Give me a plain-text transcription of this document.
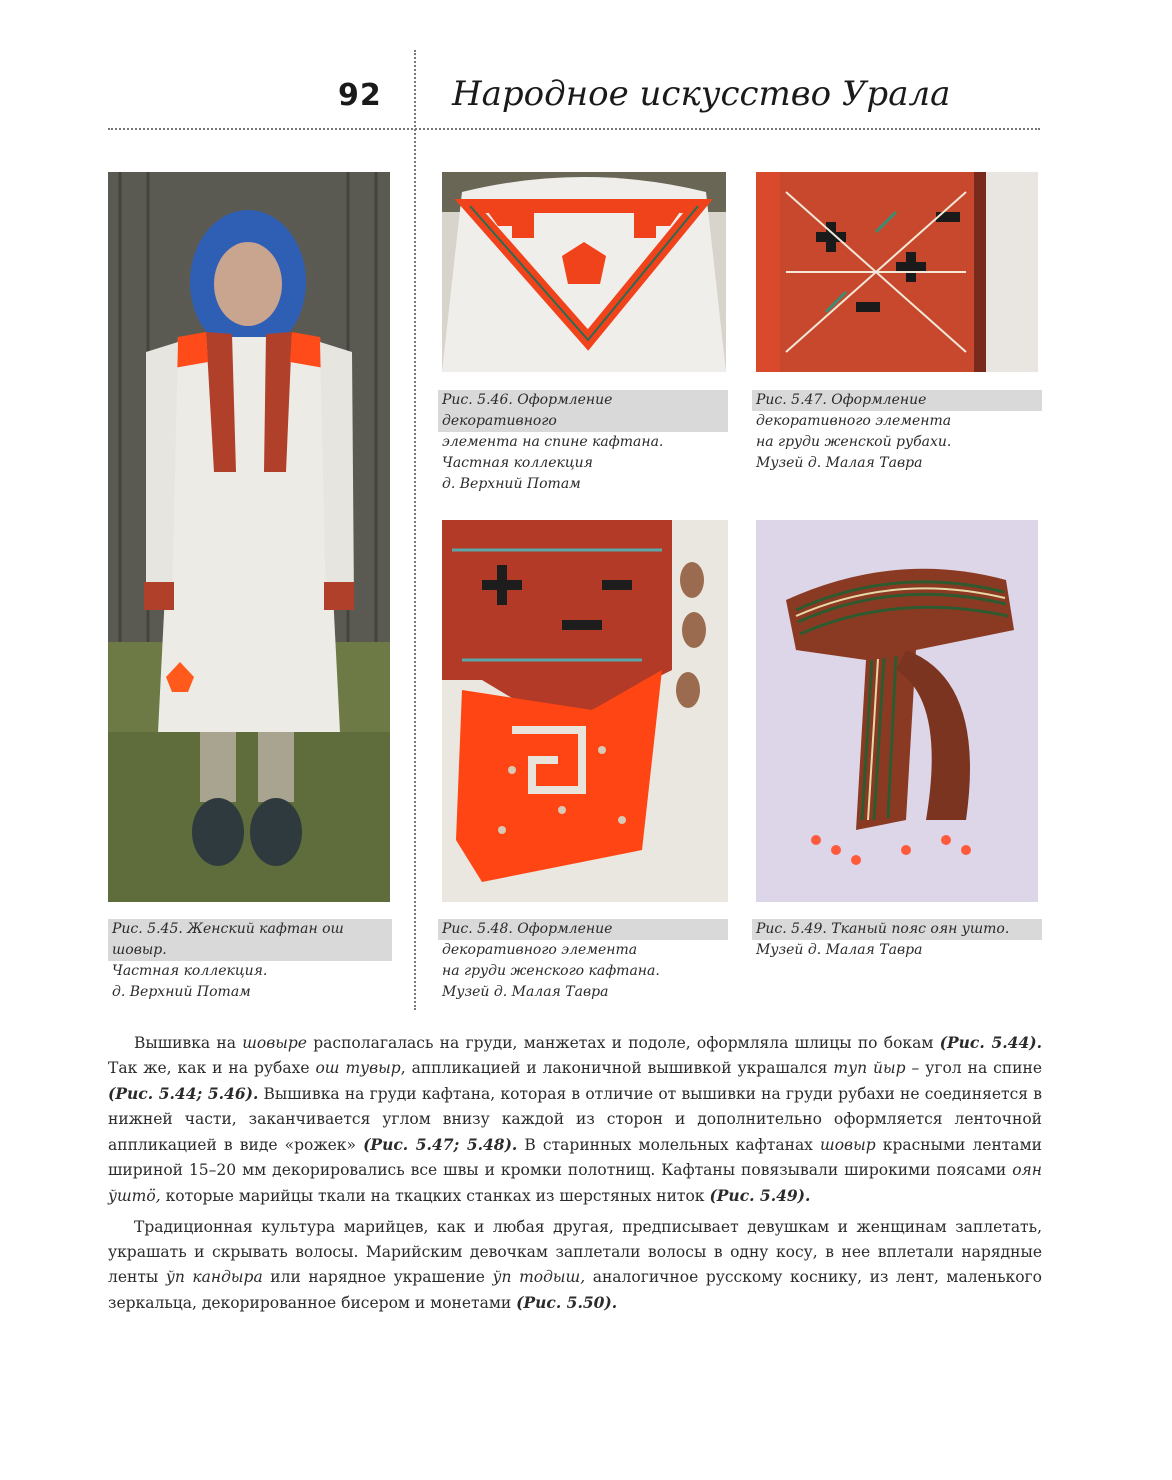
92 Народное искусство Урала
Рис. 5.45. Женский кафтан ош шовыр.
Частная коллекция.
д. Верхний Потам
Рис. 5.46. Оформление декоративного
элемента на спине кафтана.
Частная коллекция
д. Верхний Потам
Рис. 5.47. Оформление
декоративного элемента
на груди женской рубахи.
Музей д. Малая Тавра
Рис. 5.48. Оформление
декоративного элемента
на груди женского кафтана.
Музей д. Малая Тавра
Рис. 5.49. Тканый пояс оян ушто.
Музей д. Малая Тавра

Вышивка на шовыре располагалась на груди, манжетах и подоле, оформляла шлицы по бокам (Рис. 5.44). Так же, как и на рубахе ош тувыр, аппликацией и лаконичной вышивкой украшался туп йыр – угол на спине (Рис. 5.44; 5.46). Вышивка на груди кафтана, которая в отличие от вышивки на груди рубахи не соединяется в нижней части, заканчивается углом внизу каждой из сторон и дополнительно оформляется ленточной аппликацией в виде «рожек» (Рис. 5.47; 5.48). В старинных молельных кафтанах шовыр красными лентами шириной 15–20 мм декорировались все швы и кромки полотнищ. Кафтаны повязывали широкими поясами оян ўштö, которые марийцы ткали на ткацких станках из шерстяных ниток (Рис. 5.49).

Традиционная культура марийцев, как и любая другая, предписывает девушкам и женщинам заплетать, украшать и скрывать волосы. Марийским девочкам заплетали волосы в одну косу, в нее вплетали нарядные ленты ўп кандыра или нарядное украшение ўп тодыш, аналогичное русскому коснику, из лент, маленького зеркальца, декорированное бисером и монетами (Рис. 5.50).
